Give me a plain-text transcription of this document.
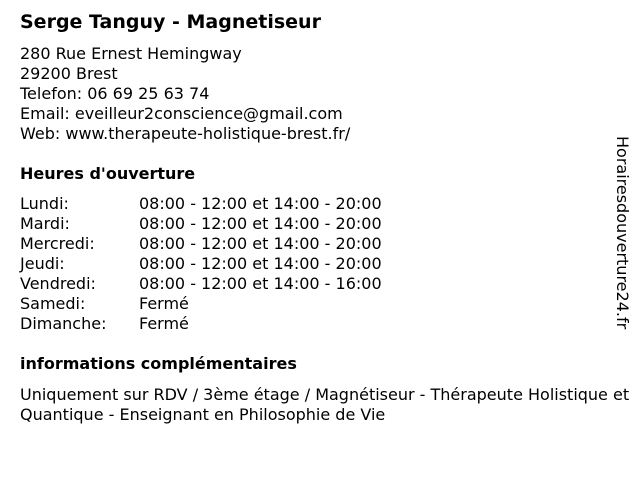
Serge Tanguy - Magnetiseur
280 Rue Ernest Hemingway
29200 Brest
Telefon: 06 69 25 63 74
Email: eveilleur2conscience@gmail.com
Web: www.therapeute-holistique-brest.fr/
Heures d'ouverture
Lundi:	08:00 - 12:00 et 14:00 - 20:00
Mardi:	08:00 - 12:00 et 14:00 - 20:00
Mercredi:	08:00 - 12:00 et 14:00 - 20:00
Jeudi:	08:00 - 12:00 et 14:00 - 20:00
Vendredi:	08:00 - 12:00 et 14:00 - 16:00
Samedi:	Fermé
Dimanche:	Fermé
informations complémentaires
Uniquement sur RDV / 3ème étage / Magnétiseur - Thérapeute Holistique et Quantique - Enseignant en Philosophie de Vie
Horairesdouverture24.fr
